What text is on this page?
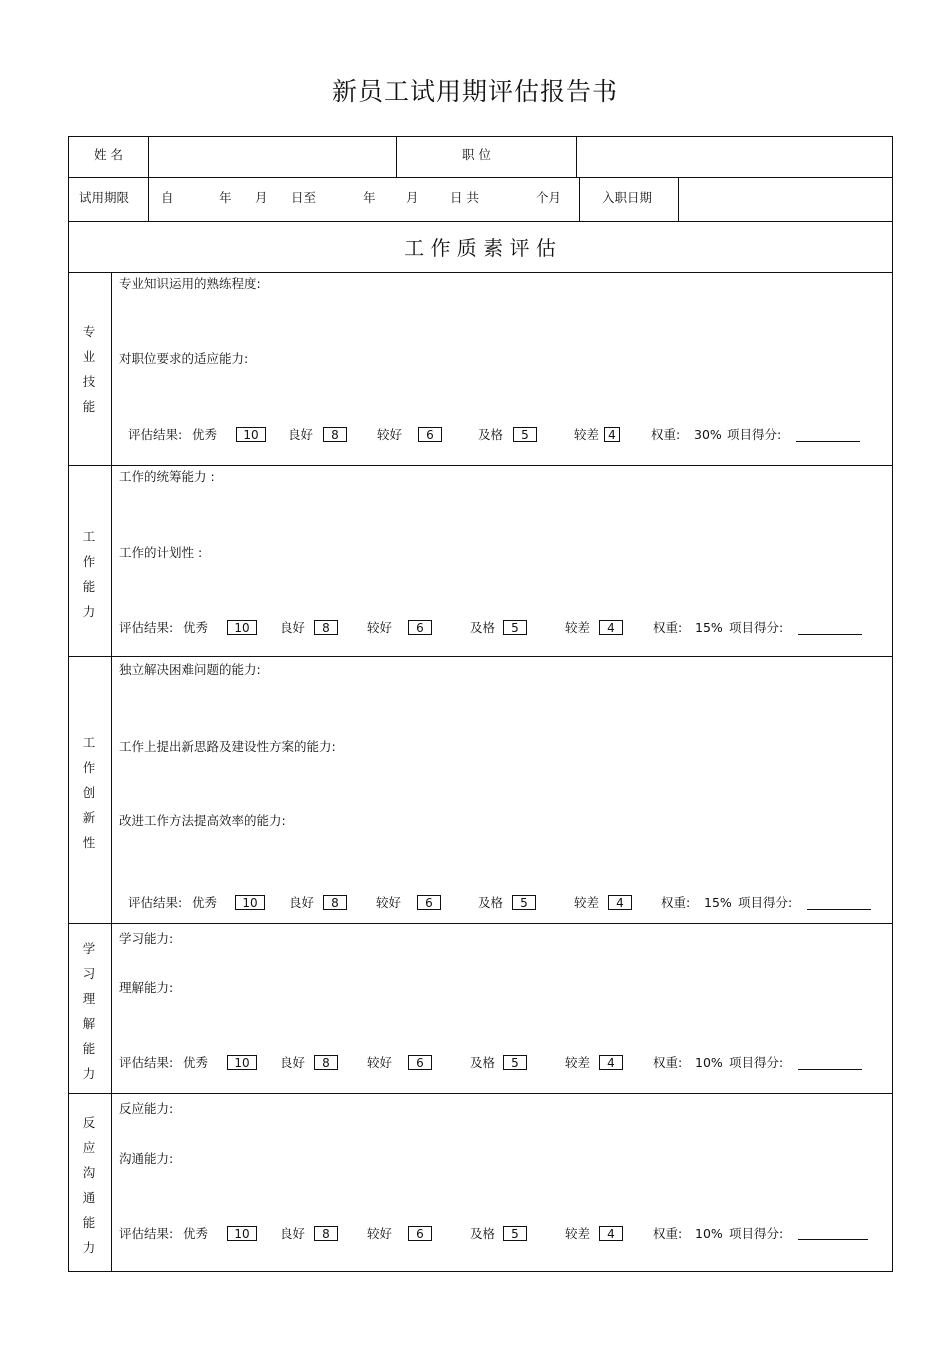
新员工试用期评估报告书
姓 名	职 位
试用期限	自	年 月 日至	年 月	日 共	个月	入职日期
工 作 质 素 评 估
专
业
技
能
专业知识运用的熟练程度:
对职位要求的适应能力:
评估结果: 优秀	10	良好	8	较好	6	及格	5	较差 4	权重: 30% 项目得分:
工
作
能
力
工作的统筹能力 :
工作的计划性 :
评估结果: 优秀	10	良好	8	较好	6	及格	5	较差	4	权重: 15% 项目得分:
工
作
创
新
性
独立解决困难问题的能力:
工作上提出新思路及建设性方案的能力:
改进工作方法提高效率的能力:
评估结果: 优秀	10	良好	8	较好	6	及格	5	较差	4	权重: 15% 项目得分:
学
习
理
解
能
力
学习能力:
理解能力:
评估结果: 优秀	10	良好	8	较好	6	及格	5	较差	4	权重: 10% 项目得分:
反
应
沟
通
能
力
反应能力:
沟通能力:
评估结果: 优秀	10	良好	8	较好	6	及格	5	较差	4	权重: 10% 项目得分:
